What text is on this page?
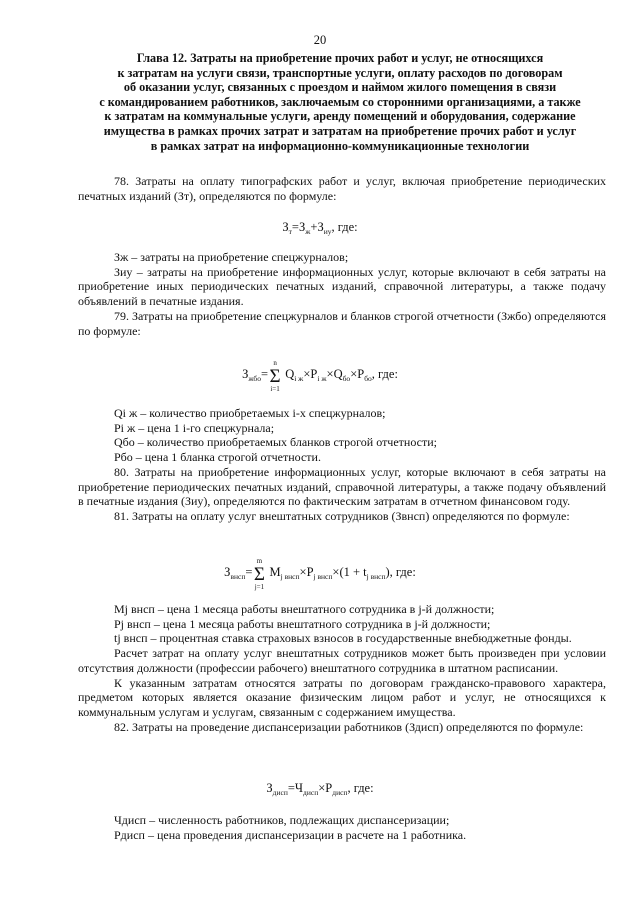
20
Глава 12. Затраты на приобретение прочих работ и услуг, не относящихся
к затратам на услуги связи, транспортные услуги, оплату расходов по договорам
об оказании услуг, связанных с проездом и наймом жилого помещения в связи
с командированием работников, заключаемым со сторонними организациями, а также
к затратам на коммунальные услуги, аренду помещений и оборудования, содержание
имущества в рамках прочих затрат и затратам на приобретение прочих работ и услуг
в рамках затрат на информационно-коммуникационные технологии

78. Затраты на оплату типографских работ и услуг, включая приобретение периодических печатных изданий (Зт), определяются по формуле:

$З_т=З_ж+З_{иу}$, где:

Зж – затраты на приобретение спецжурналов;

Зиу – затраты на приобретение информационных услуг, которые включают в себя затраты на приобретение иных периодических печатных изданий, справочной литературы, а также подачу объявлений в печатные издания.

79. Затраты на приобретение спецжурналов и бланков строгой отчетности (Зжбо) определяются по формуле:

$З_{жбо}=$
n
Σ
i=1
$Q_{i ж}\times P_{i ж}\times Q_{бо}\times P_{бо}$, где:

Qi ж – количество приобретаемых i-х спецжурналов;

Pi ж – цена 1 i-го спецжурнала;

Qбо – количество приобретаемых бланков строгой отчетности;

Pбо – цена 1 бланка строгой отчетности.

80. Затраты на приобретение информационных услуг, которые включают в себя затраты на приобретение периодических печатных изданий, справочной литературы, а также подачу объявлений в печатные издания (Зиу), определяются по фактическим затратам в отчетном финансовом году.

81. Затраты на оплату услуг внештатных сотрудников (Звнсп) определяются по формуле:

$З_{внсп}=$
m
Σ
j=1
$M_{j внсп}\times P_{j внсп}\times(1 + t_{j внсп})$, где:

Mj внсп – цена 1 месяца работы внештатного сотрудника в j-й должности;

Pj внсп – цена 1 месяца работы внештатного сотрудника в j-й должности;

tj внсп – процентная ставка страховых взносов в государственные внебюджетные фонды.

Расчет затрат на оплату услуг внештатных сотрудников может быть произведен при условии отсутствия должности (профессии рабочего) внештатного сотрудника в штатном расписании.

К указанным затратам относятся затраты по договорам гражданско-правового характера, предметом которых является оказание физическим лицом работ и услуг, не относящихся к коммунальным услугам и услугам, связанным с содержанием имущества.

82. Затраты на проведение диспансеризации работников (Здисп) определяются по формуле:

$З_{дисп}=Ч_{дисп}\times P_{дисп}$, где:

Чдисп – численность работников, подлежащих диспансеризации;

Pдисп – цена проведения диспансеризации в расчете на 1 работника.
